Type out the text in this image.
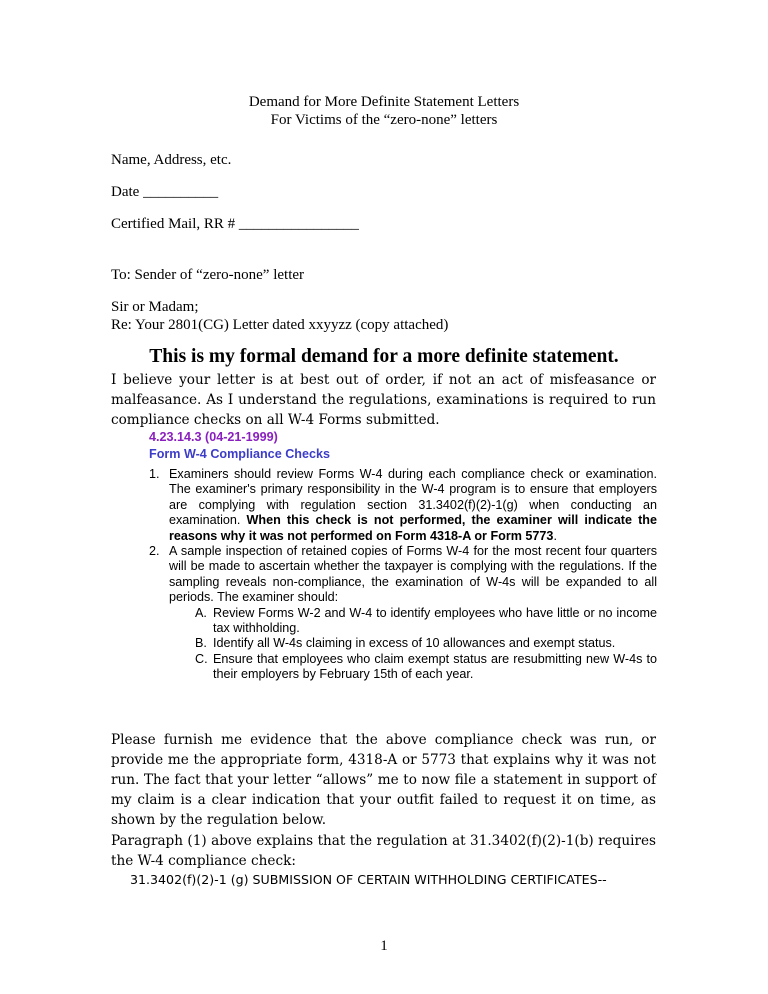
Demand for More Definite Statement Letters
For Victims of the “zero-none” letters
Name, Address, etc.
Date __________
Certified Mail, RR # ________________
To: Sender of “zero-none” letter
Sir or Madam;
Re: Your 2801(CG) Letter dated xxyyzz (copy attached)
This is my formal demand for a more definite statement.
I believe your letter is at best out of order, if not an act of misfeasance or malfeasance. As I understand the regulations, examinations is required to run compliance checks on all W-4 Forms submitted.
4.23.14.3 (04-21-1999)
Form W-4 Compliance Checks
1. Examiners should review Forms W-4 during each compliance check or examination. The examiner's primary responsibility in the W-4 program is to ensure that employers are complying with regulation section 31.3402(f)(2)-1(g) when conducting an examination. When this check is not performed, the examiner will indicate the reasons why it was not performed on Form 4318-A or Form 5773.
2. A sample inspection of retained copies of Forms W-4 for the most recent four quarters will be made to ascertain whether the taxpayer is complying with the regulations. If the sampling reveals non-compliance, the examination of W-4s will be expanded to all periods. The examiner should:
A. Review Forms W-2 and W-4 to identify employees who have little or no income tax withholding.
B. Identify all W-4s claiming in excess of 10 allowances and exempt status.
C. Ensure that employees who claim exempt status are resubmitting new W-4s to their employers by February 15th of each year.
Please furnish me evidence that the above compliance check was run, or provide me the appropriate form, 4318-A or 5773 that explains why it was not run. The fact that your letter “allows” me to now file a statement in support of my claim is a clear indication that your outfit failed to request it on time, as shown by the regulation below.
Paragraph (1) above explains that the regulation at 31.3402(f)(2)-1(b) requires the W-4 compliance check:
31.3402(f)(2)-1 (g) SUBMISSION OF CERTAIN WITHHOLDING CERTIFICATES--
1
